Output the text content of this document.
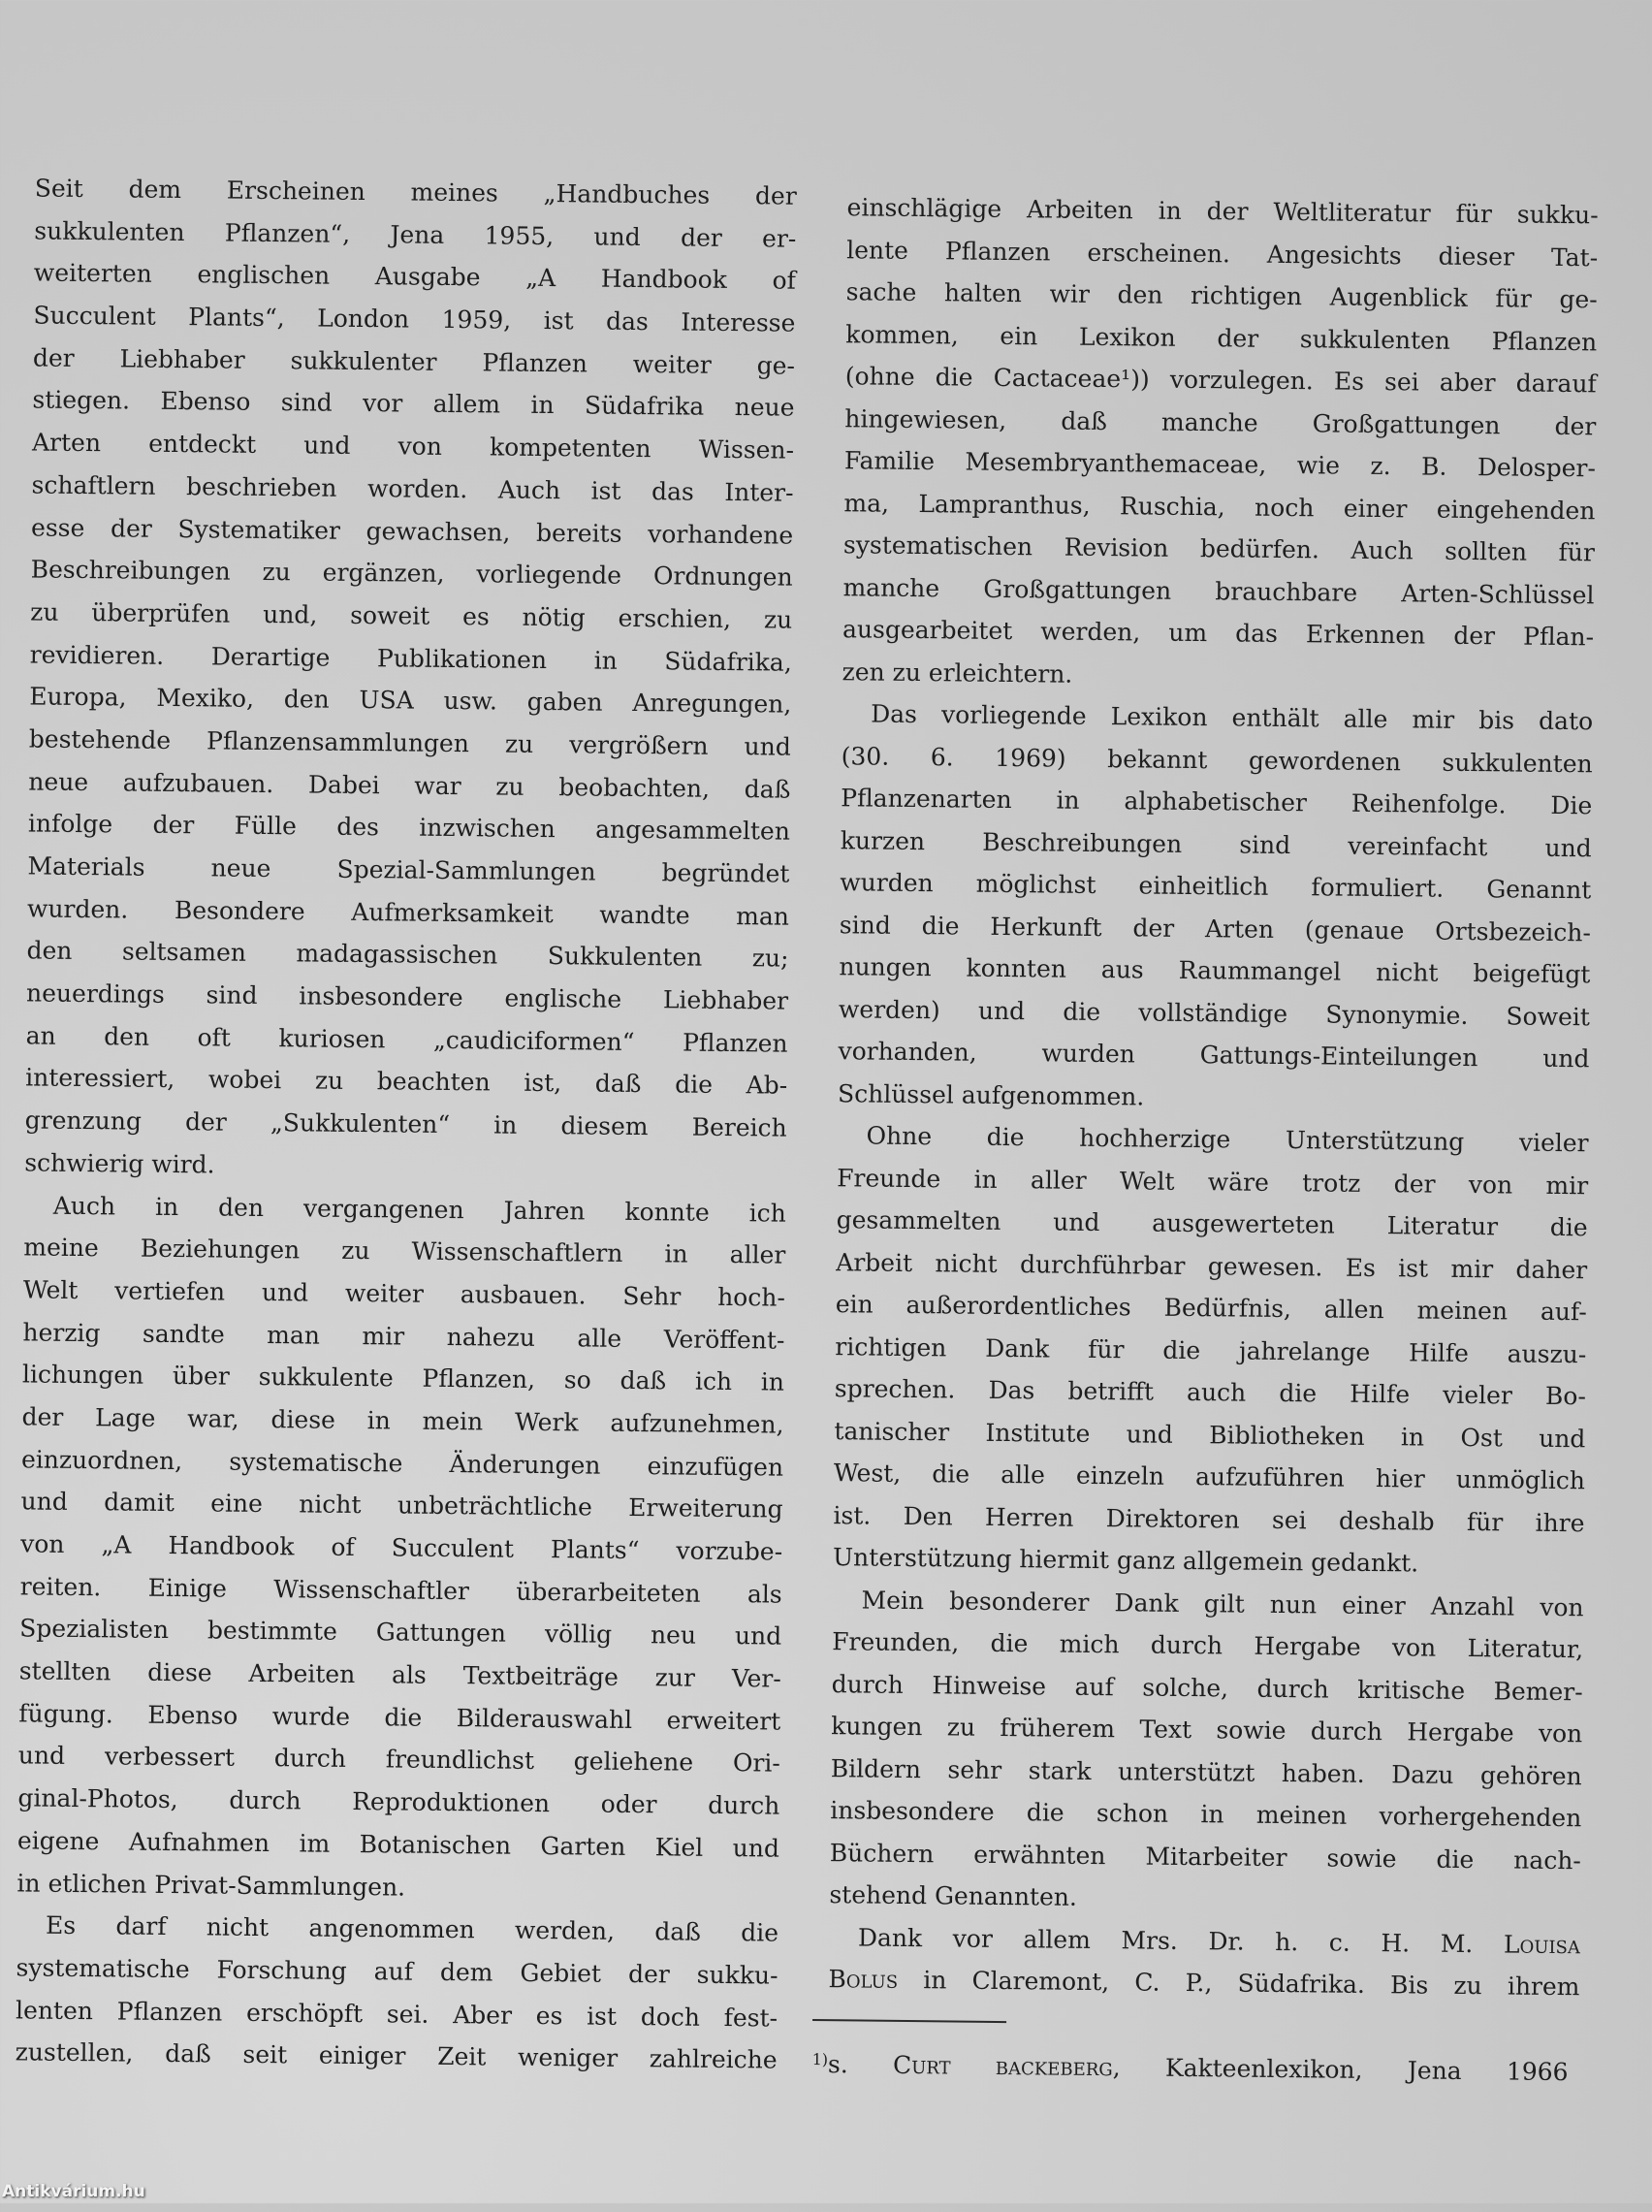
Seit dem Erscheinen meines „Handbuches der
sukkulenten Pflanzen“, Jena 1955, und der er-
weiterten englischen Ausgabe „A Handbook of
Succulent Plants“, London 1959, ist das Interesse
der Liebhaber sukkulenter Pflanzen weiter ge-
stiegen. Ebenso sind vor allem in Südafrika neue
Arten entdeckt und von kompetenten Wissen-
schaftlern beschrieben worden. Auch ist das Inter-
esse der Systematiker gewachsen, bereits vorhandene
Beschreibungen zu ergänzen, vorliegende Ordnungen
zu überprüfen und, soweit es nötig erschien, zu
revidieren. Derartige Publikationen in Südafrika,
Europa, Mexiko, den USA usw. gaben Anregungen,
bestehende Pflanzensammlungen zu vergrößern und
neue aufzubauen. Dabei war zu beobachten, daß
infolge der Fülle des inzwischen angesammelten
Materials neue Spezial-Sammlungen begründet
wurden. Besondere Aufmerksamkeit wandte man
den seltsamen madagassischen Sukkulenten zu;
neuerdings sind insbesondere englische Liebhaber
an den oft kuriosen „caudiciformen“ Pflanzen
interessiert, wobei zu beachten ist, daß die Ab-
grenzung der „Sukkulenten“ in diesem Bereich
schwierig wird.
Auch in den vergangenen Jahren konnte ich
meine Beziehungen zu Wissenschaftlern in aller
Welt vertiefen und weiter ausbauen. Sehr hoch-
herzig sandte man mir nahezu alle Veröffent-
lichungen über sukkulente Pflanzen, so daß ich in
der Lage war, diese in mein Werk aufzunehmen,
einzuordnen, systematische Änderungen einzufügen
und damit eine nicht unbeträchtliche Erweiterung
von „A Handbook of Succulent Plants“ vorzube-
reiten. Einige Wissenschaftler überarbeiteten als
Spezialisten bestimmte Gattungen völlig neu und
stellten diese Arbeiten als Textbeiträge zur Ver-
fügung. Ebenso wurde die Bilderauswahl erweitert
und verbessert durch freundlichst geliehene Ori-
ginal-Photos, durch Reproduktionen oder durch
eigene Aufnahmen im Botanischen Garten Kiel und
in etlichen Privat-Sammlungen.
Es darf nicht angenommen werden, daß die
systematische Forschung auf dem Gebiet der sukku-
lenten Pflanzen erschöpft sei. Aber es ist doch fest-
zustellen, daß seit einiger Zeit weniger zahlreiche
einschlägige Arbeiten in der Weltliteratur für sukku-
lente Pflanzen erscheinen. Angesichts dieser Tat-
sache halten wir den richtigen Augenblick für ge-
kommen, ein Lexikon der sukkulenten Pflanzen
(ohne die Cactaceae¹)) vorzulegen. Es sei aber darauf
hingewiesen, daß manche Großgattungen der
Familie Mesembryanthemaceae, wie z. B. Delosper-
ma, Lampranthus, Ruschia, noch einer eingehenden
systematischen Revision bedürfen. Auch sollten für
manche Großgattungen brauchbare Arten-Schlüssel
ausgearbeitet werden, um das Erkennen der Pflan-
zen zu erleichtern.
Das vorliegende Lexikon enthält alle mir bis dato
(30. 6. 1969) bekannt gewordenen sukkulenten
Pflanzenarten in alphabetischer Reihenfolge. Die
kurzen Beschreibungen sind vereinfacht und
wurden möglichst einheitlich formuliert. Genannt
sind die Herkunft der Arten (genaue Ortsbezeich-
nungen konnten aus Raummangel nicht beigefügt
werden) und die vollständige Synonymie. Soweit
vorhanden, wurden Gattungs-Einteilungen und
Schlüssel aufgenommen.
Ohne die hochherzige Unterstützung vieler
Freunde in aller Welt wäre trotz der von mir
gesammelten und ausgewerteten Literatur die
Arbeit nicht durchführbar gewesen. Es ist mir daher
ein außerordentliches Bedürfnis, allen meinen auf-
richtigen Dank für die jahrelange Hilfe auszu-
sprechen. Das betrifft auch die Hilfe vieler Bo-
tanischer Institute und Bibliotheken in Ost und
West, die alle einzeln aufzuführen hier unmöglich
ist. Den Herren Direktoren sei deshalb für ihre
Unterstützung hiermit ganz allgemein gedankt.
Mein besonderer Dank gilt nun einer Anzahl von
Freunden, die mich durch Hergabe von Literatur,
durch Hinweise auf solche, durch kritische Bemer-
kungen zu früherem Text sowie durch Hergabe von
Bildern sehr stark unterstützt haben. Dazu gehören
insbesondere die schon in meinen vorhergehenden
Büchern erwähnten Mitarbeiter sowie die nach-
stehend Genannten.
Dank vor allem Mrs. Dr. h. c. H. M. Louisa
Bolus in Claremont, C. P., Südafrika. Bis zu ihrem
$^{1)}$s. Curt backeberg, Kakteenlexikon, Jena 1966
Antikvárium.hu
